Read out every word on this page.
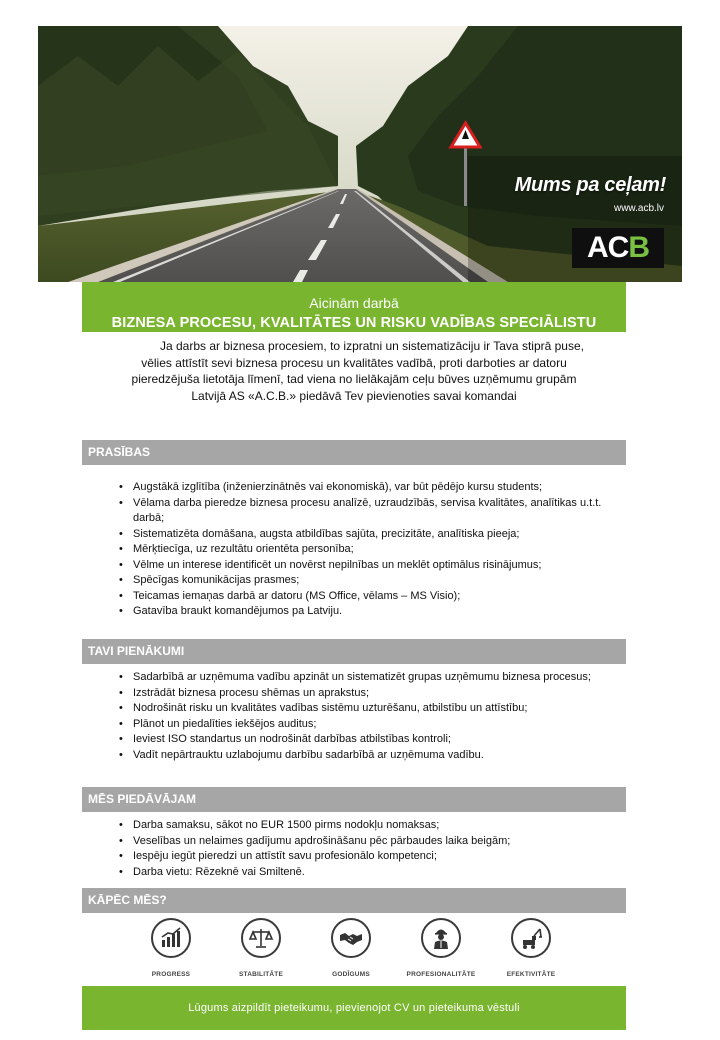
Mums pa ceļam!
www.acb.lv
AC B
Aicinām darbā
BIZNESA PROCESU, KVALITĀTES UN RISKU VADĪBAS SPECIĀLISTU
Ja darbs ar biznesa procesiem, to izpratni un sistematizāciju ir Tava stiprā puse,
vēlies attīstīt sevi biznesa procesu un kvalitātes vadībā, proti darboties ar datoru
pieredzējuša lietotāja līmenī, tad viena no lielākajām ceļu būves uzņēmumu grupām
Latvijā AS «A.C.B.» piedāvā Tev pievienoties savai komandai
PRASĪBAS
• Augstākā izglītība (inženierzinātnēs vai ekonomiskā), var būt pēdējo kursu students;
• Vēlama darba pieredze biznesa procesu analīzē, uzraudzībās, servisa kvalitātes, analītikas u.t.t. darbā;
• Sistematizēta domāšana, augsta atbildības sajūta, precizitāte, analītiska pieeja;
• Mērķtiecīga, uz rezultātu orientēta personība;
• Vēlme un interese identificēt un novērst nepilnības un meklēt optimālus risinājumus;
• Spēcīgas komunikācijas prasmes;
• Teicamas iemaņas darbā ar datoru (MS Office, vēlams – MS Visio);
• Gatavība braukt komandējumos pa Latviju.
TAVI PIENĀKUMI
• Sadarbībā ar uzņēmuma vadību apzināt un sistematizēt grupas uzņēmumu biznesa procesus;
• Izstrādāt biznesa procesu shēmas un aprakstus;
• Nodrošināt risku un kvalitātes vadības sistēmu uzturēšanu, atbilstību un attīstību;
• Plānot un piedalīties iekšējos auditus;
• Ieviest ISO standartus un nodrošināt darbības atbilstības kontroli;
• Vadīt nepārtrauktu uzlabojumu darbību sadarbībā ar uzņēmuma vadību.
MĒS PIEDĀVĀJAM
• Darba samaksu, sākot no EUR 1500 pirms nodokļu nomaksas;
• Veselības un nelaimes gadījumu apdrošināšanu pēc pārbaudes laika beigām;
• Iespēju iegūt pieredzi un attīstīt savu profesionālo kompetenci;
• Darba vietu: Rēzeknē vai Smiltenē.
KĀPĒC MĒS?
PROGRESS	STABILITĀTE	GODĪGUMS	PROFESIONALITĀTE	EFEKTIVITĀTE
Lūgums aizpildīt pieteikumu, pievienojot CV un pieteikuma vēstuli
